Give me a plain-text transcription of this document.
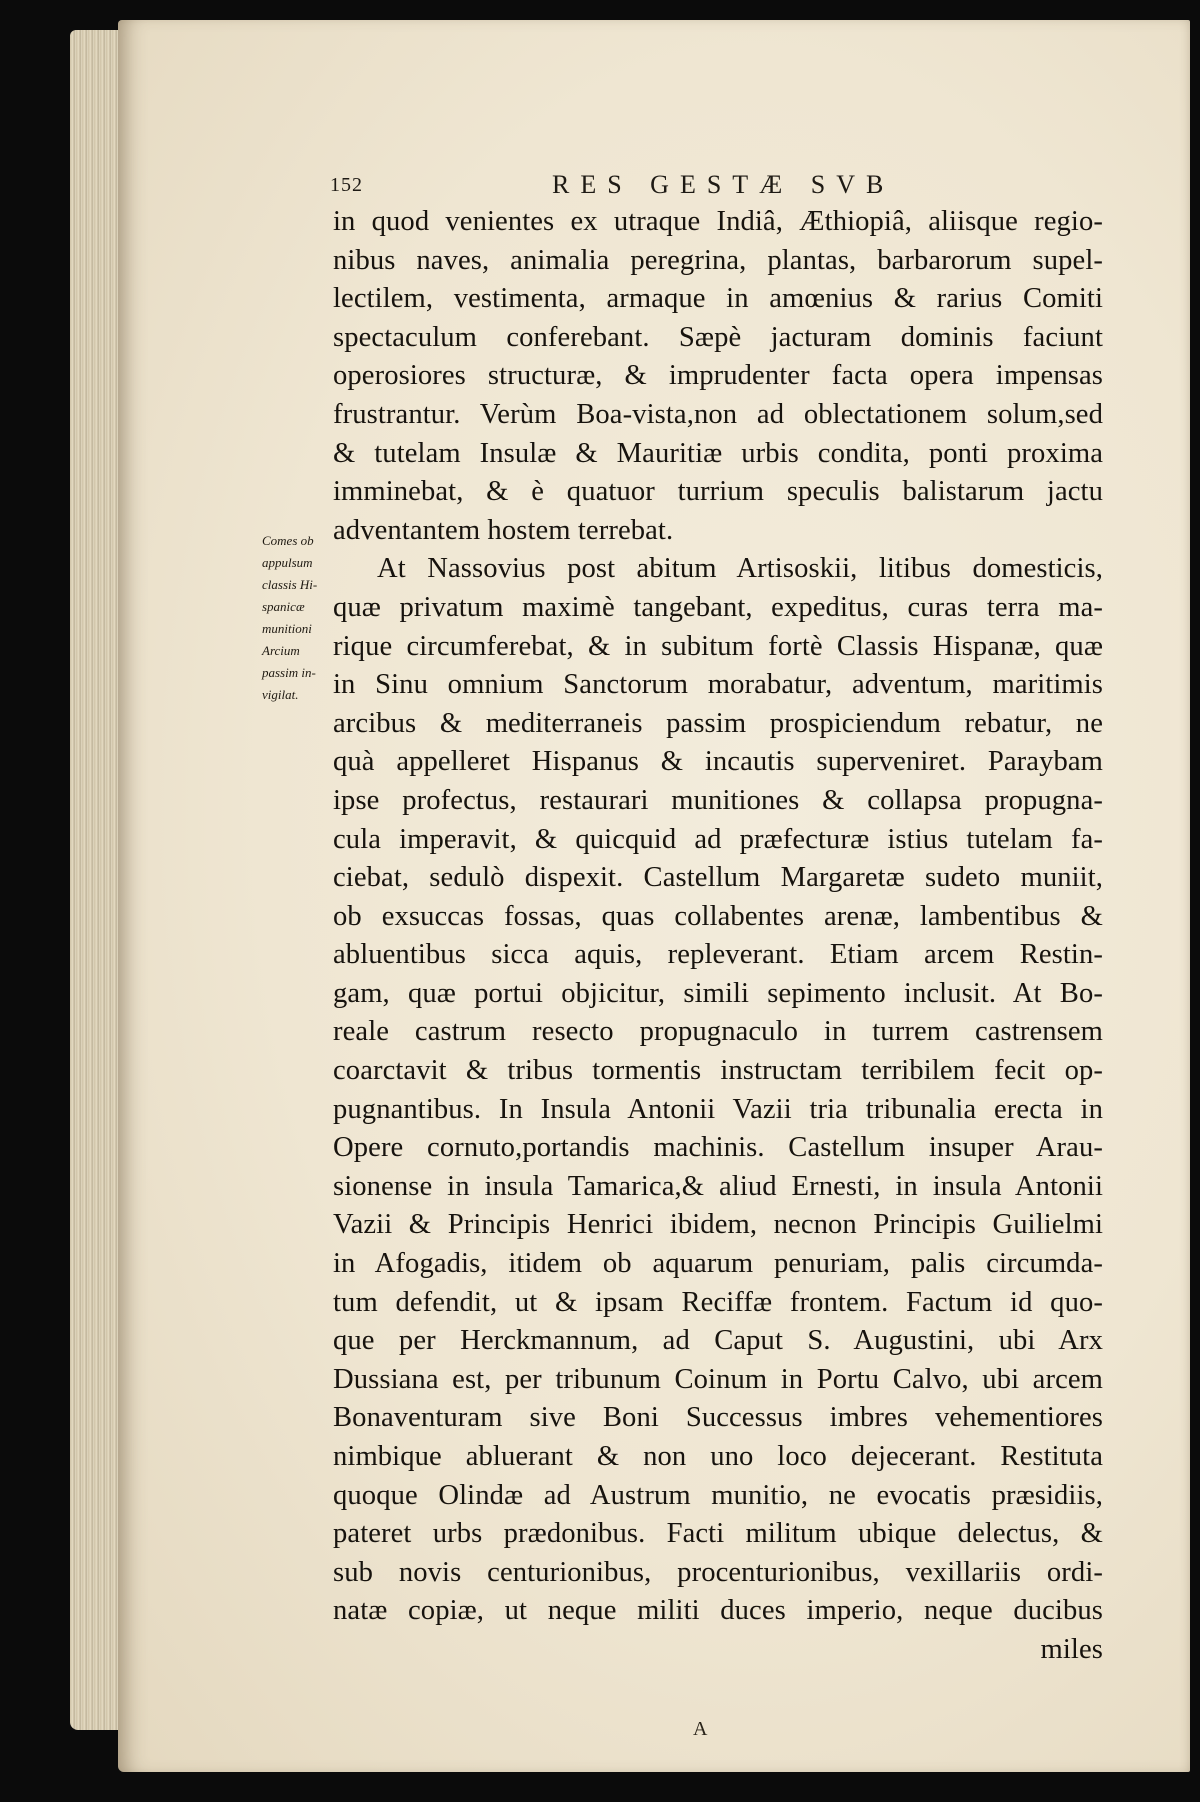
152	RES GESTÆ SVB
Comes ob
appulsum
classis Hi-
spanicæ
munitioni
Arcium
passim in-
vigilat.
in quod venientes ex utraque Indiâ, Æthiopiâ, aliisque regio-
nibus naves, animalia peregrina, plantas, barbarorum supel-
lectilem, vestimenta, armaque in amœnius & rarius Comiti
spectaculum conferebant. Sæpè jacturam dominis faciunt
operosiores structuræ, & imprudenter facta opera impensas
frustrantur. Verùm Boa-vista,non ad oblectationem solum,sed
& tutelam Insulæ & Mauritiæ urbis condita, ponti proxima
imminebat, & è quatuor turrium speculis balistarum jactu
adventantem hostem terrebat.
At Nassovius post abitum Artisoskii, litibus domesticis,
quæ privatum maximè tangebant, expeditus, curas terra ma-
rique circumferebat, & in subitum fortè Classis Hispanæ, quæ
in Sinu omnium Sanctorum morabatur, adventum, maritimis
arcibus & mediterraneis passim prospiciendum rebatur, ne
quà appelleret Hispanus & incautis superveniret. Paraybam
ipse profectus, restaurari munitiones & collapsa propugna-
cula imperavit, & quicquid ad præfecturæ istius tutelam fa-
ciebat, sedulò dispexit. Castellum Margaretæ sudeto muniit,
ob exsuccas fossas, quas collabentes arenæ, lambentibus &
abluentibus sicca aquis, repleverant. Etiam arcem Restin-
gam, quæ portui objicitur, simili sepimento inclusit. At Bo-
reale castrum resecto propugnaculo in turrem castrensem
coarctavit & tribus tormentis instructam terribilem fecit op-
pugnantibus. In Insula Antonii Vazii tria tribunalia erecta in
Opere cornuto,portandis machinis. Castellum insuper Arau-
sionense in insula Tamarica,& aliud Ernesti, in insula Antonii
Vazii & Principis Henrici ibidem, necnon Principis Guilielmi
in Afogadis, itidem ob aquarum penuriam, palis circumda-
tum defendit, ut & ipsam Reciffæ frontem. Factum id quo-
que per Herckmannum, ad Caput S. Augustini, ubi Arx
Dussiana est, per tribunum Coinum in Portu Calvo, ubi arcem
Bonaventuram sive Boni Successus imbres vehementiores
nimbique abluerant & non uno loco dejecerant. Restituta
quoque Olindæ ad Austrum munitio, ne evocatis præsidiis,
pateret urbs prædonibus. Facti militum ubique delectus, &
sub novis centurionibus, procenturionibus, vexillariis ordi-
natæ copiæ, ut neque militi duces imperio, neque ducibus
miles
A
